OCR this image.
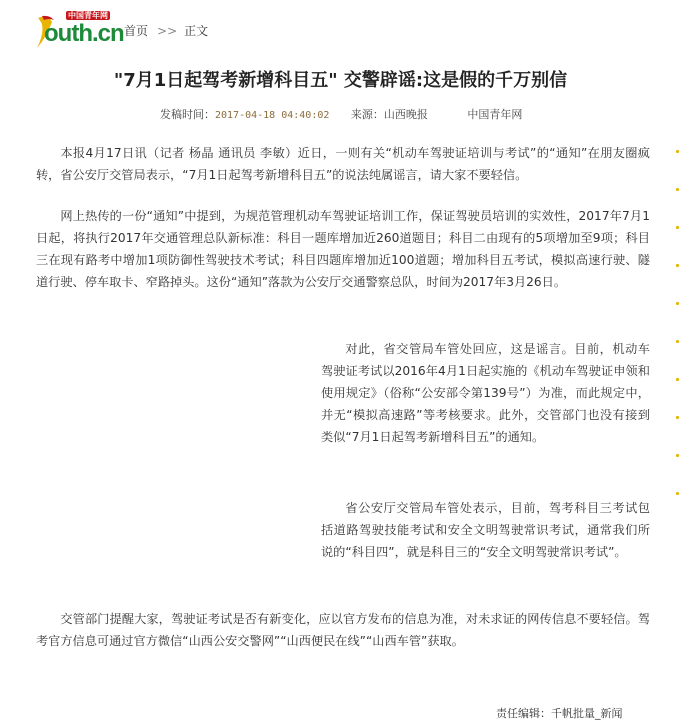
中国青年网
outh.cn 首页 >> 正文
"7月1日起驾考新增科目五" 交警辟谣:这是假的千万别信
发稿时间：2017-04-18 04:40:02 来源：山西晚报	中国青年网

本报4月17日讯（记者 杨晶 通讯员 李敏）近日，一则有关“机动车驾驶证培训与考试”的“通知”在朋友圈疯转，省公安厅交管局表示，“7月1日起驾考新增科目五”的说法纯属谣言，请大家不要轻信。

网上热传的一份“通知”中提到，为规范管理机动车驾驶证培训工作，保证驾驶员培训的实效性，2017年7月1日起，将执行2017年交通管理总队新标准：科目一题库增加近260道题目；科目二由现有的5项增加至9项；科目三在现有路考中增加1项防御性驾驶技术考试；科目四题库增加近100道题；增加科目五考试，模拟高速行驶、隧道行驶、停车取卡、窄路掉头。这份“通知”落款为公安厅交通警察总队，时间为2017年3月26日。

对此，省交管局车管处回应，这是谣言。目前，机动车驾驶证考试以2016年4月1日起实施的《机动车驾驶证申领和使用规定》（俗称“公安部令第139号”）为准，而此规定中，并无“模拟高速路”等考核要求。此外，交管部门也没有接到类似“7月1日起驾考新增科目五”的通知。

省公安厅交管局车管处表示，目前，驾考科目三考试包括道路驾驶技能考试和安全文明驾驶常识考试，通常我们所说的“科目四”，就是科目三的“安全文明驾驶常识考试”。

交管部门提醒大家，驾驶证考试是否有新变化，应以官方发布的信息为准，对未求证的网传信息不要轻信。驾考官方信息可通过官方微信“山西公安交警网”“山西便民在线”“山西车管”获取。

责任编辑：千帆批量_新闻
